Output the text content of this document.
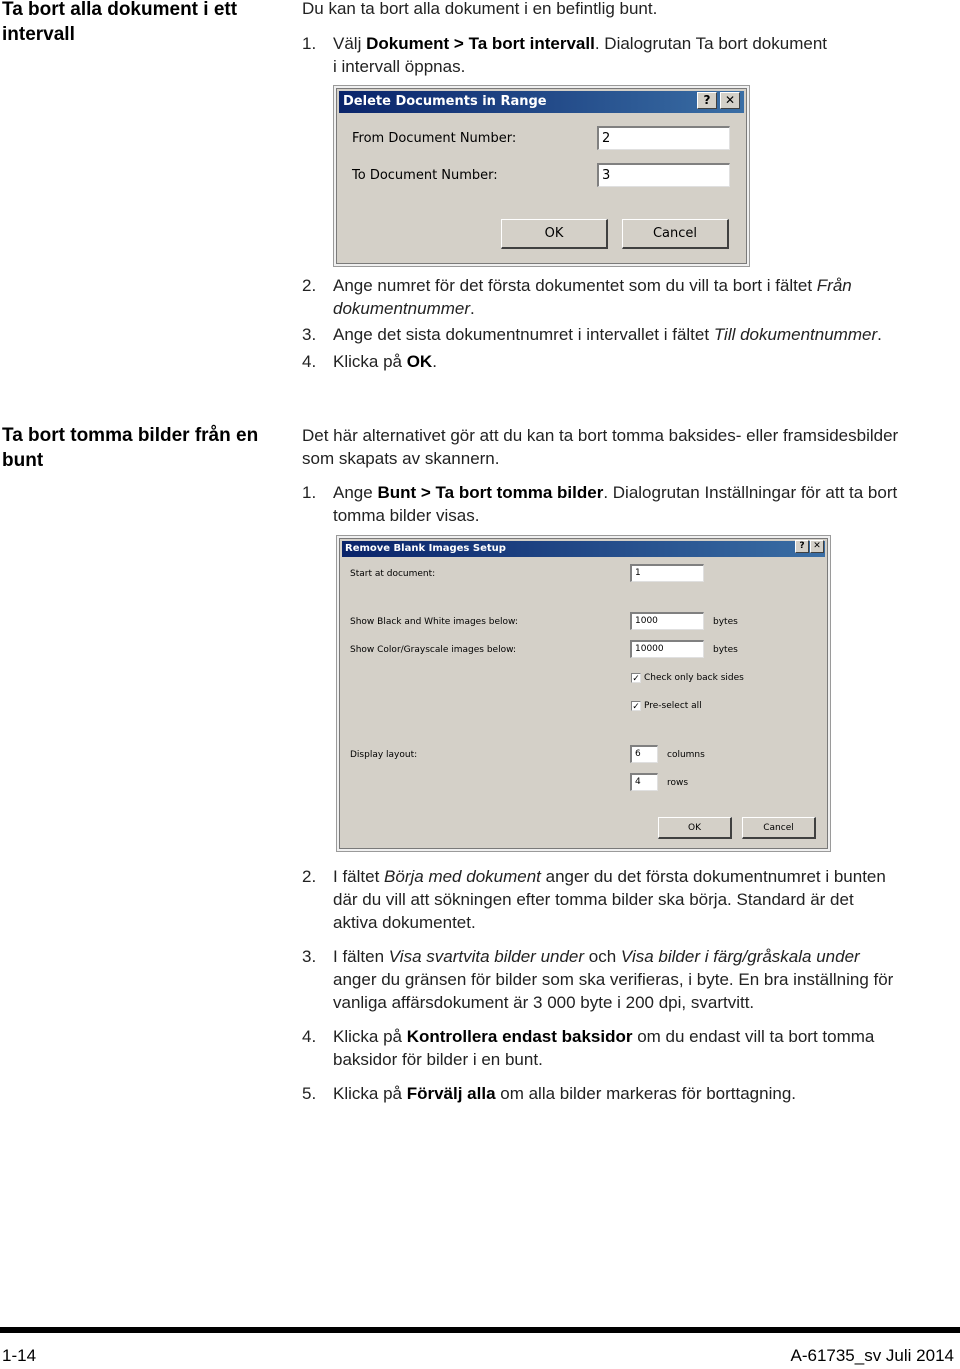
Ta bort alla dokument i ett intervall
Du kan ta bort alla dokument i en befintlig bunt.
1. Välj Dokument > Ta bort intervall. Dialogrutan Ta bort dokument
i intervall öppnas.
Delete Documents in Range	?	✕
From Document Number:	2
To Document Number:	3
OK	Cancel
2. Ange numret för det första dokumentet som du vill ta bort i fältet Från
dokumentnummer.
3. Ange det sista dokumentnumret i intervallet i fältet Till dokumentnummer.
4. Klicka på OK.
Ta bort tomma bilder från en bunt
Det här alternativet gör att du kan ta bort tomma baksides- eller framsidesbilder
som skapats av skannern.
1. Ange Bunt > Ta bort tomma bilder. Dialogrutan Inställningar för att ta bort
tomma bilder visas.
Remove Blank Images Setup	? ✕
Start at document:	1
Show Black and White images below:	1000	bytes
Show Color/Grayscale images below:	10000	bytes
✓ Check only back sides
✓ Pre-select all
Display layout:	6	columns
4	rows
OK	Cancel
2. I fältet Börja med dokument anger du det första dokumentnumret i bunten
där du vill att sökningen efter tomma bilder ska börja. Standard är det
aktiva dokumentet.
3. I fälten Visa svartvita bilder under och Visa bilder i färg/gråskala under
anger du gränsen för bilder som ska verifieras, i byte. En bra inställning för
vanliga affärsdokument är 3 000 byte i 200 dpi, svartvitt.
4. Klicka på Kontrollera endast baksidor om du endast vill ta bort tomma
baksidor för bilder i en bunt.
5. Klicka på Förvälj alla om alla bilder markeras för borttagning.
1-14	A-61735_sv Juli 2014
